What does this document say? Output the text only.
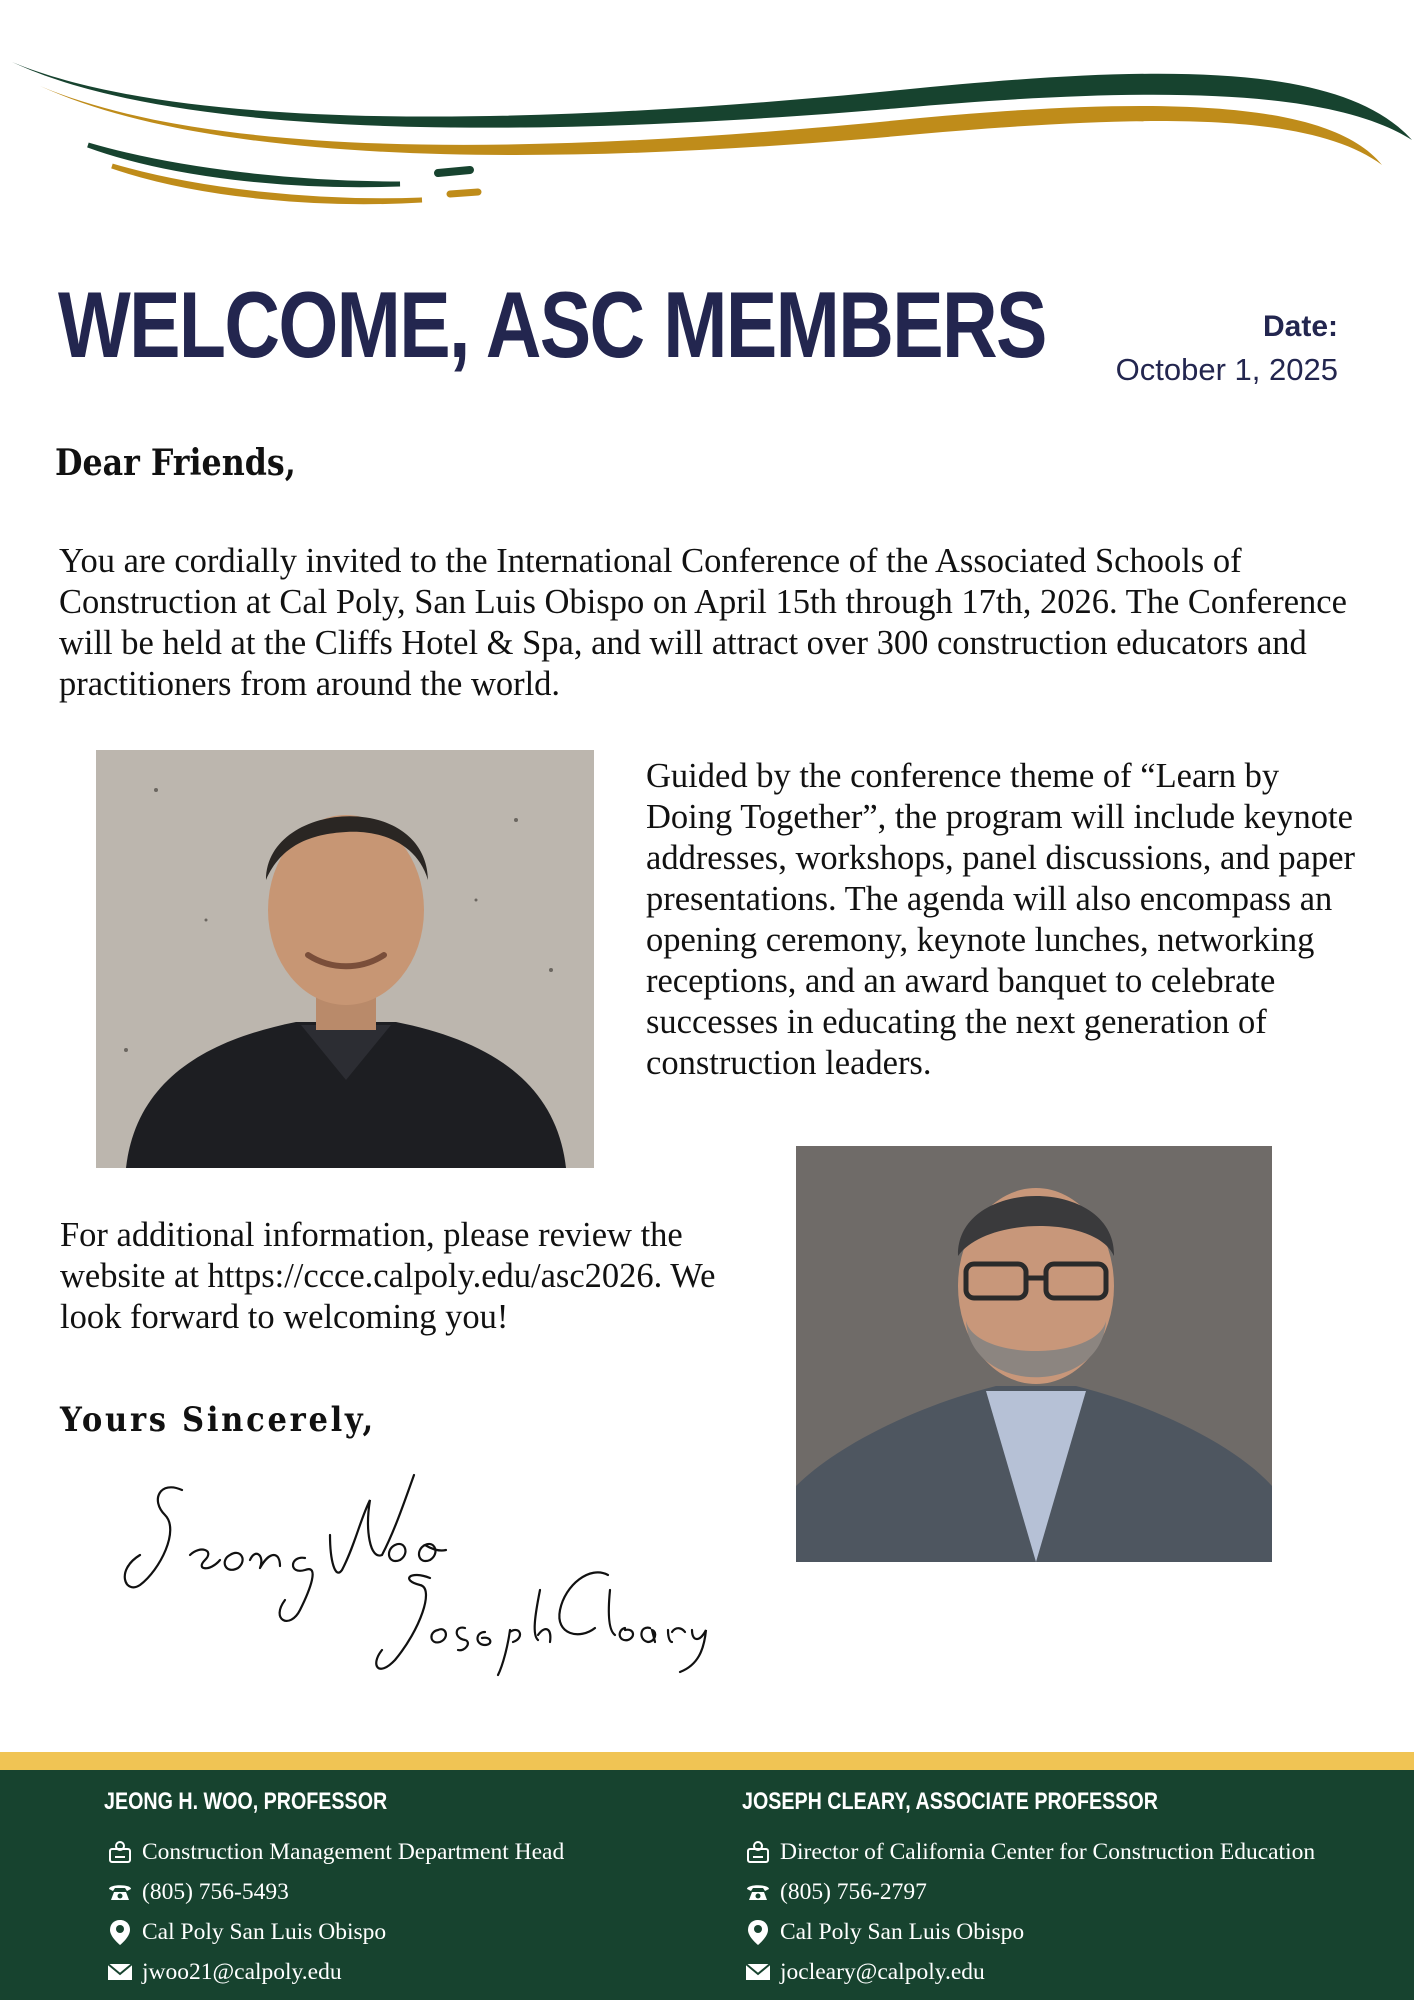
WELCOME, ASC MEMBERS	Date:
October 1, 2025
Dear Friends,

You are cordially invited to the International Conference of the Associated Schools of Construction at Cal Poly, San Luis Obispo on April 15th through 17th, 2026. The Conference will be held at the Cliffs Hotel & Spa, and will attract over 300 construction educators and practitioners from around the world.

Guided by the conference theme of “Learn by Doing Together”, the program will include keynote addresses, workshops, panel discussions, and paper presentations. The agenda will also encompass an opening ceremony, keynote lunches, networking receptions, and an award banquet to celebrate successes in educating the next generation of construction leaders.

For additional information, please review the website at https://ccce.calpoly.edu/asc2026. We look forward to welcoming you!

Yours Sincerely,
JEONG H. WOO, PROFESSOR
Construction Management Department Head
(805) 756-5493
Cal Poly San Luis Obispo
jwoo21@calpoly.edu
JOSEPH CLEARY, ASSOCIATE PROFESSOR
Director of California Center for Construction Education
(805) 756-2797
Cal Poly San Luis Obispo
jocleary@calpoly.edu
